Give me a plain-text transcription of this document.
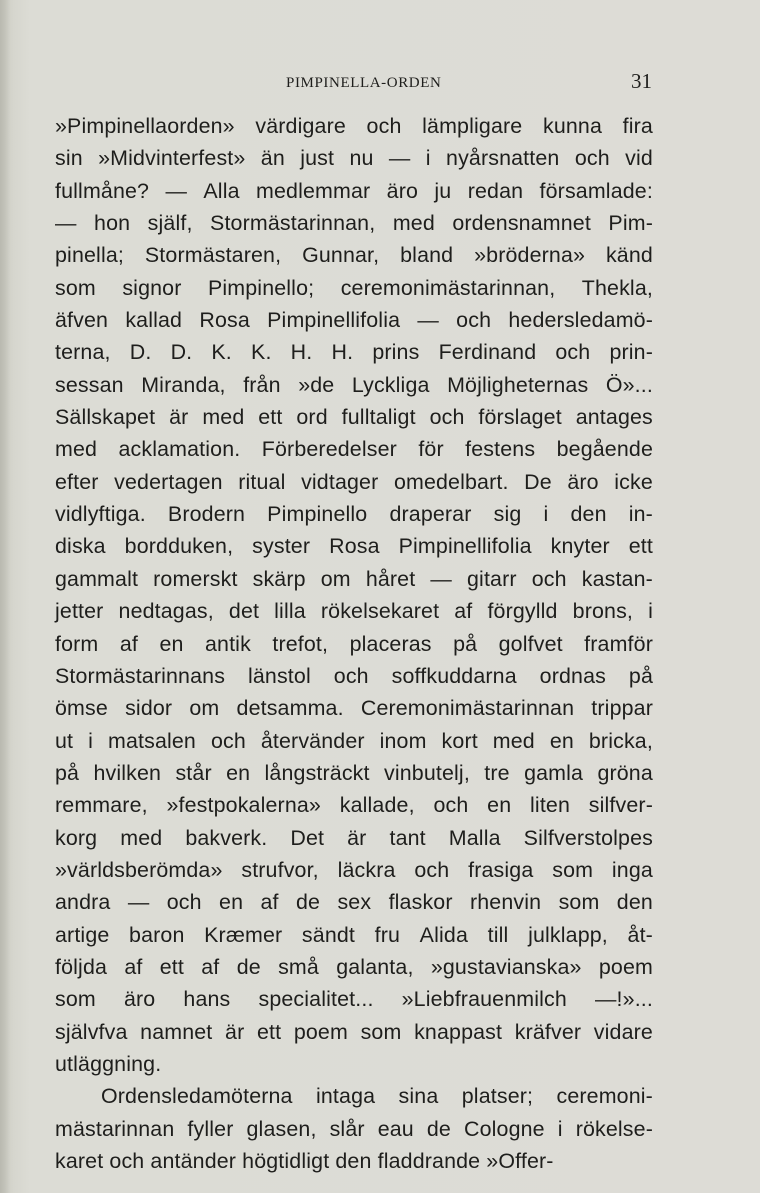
PIMPINELLA-ORDEN	31
»Pimpinellaorden» värdigare och lämpligare kunna fira
sin »Midvinterfest» än just nu — i nyårsnatten och vid
fullmåne? — Alla medlemmar äro ju redan församlade:
— hon själf, Stormästarinnan, med ordensnamnet Pim-
pinella; Stormästaren, Gunnar, bland »bröderna» känd
som signor Pimpinello; ceremonimästarinnan, Thekla,
äfven kallad Rosa Pimpinellifolia — och hedersledamö-
terna, D. D. K. K. H. H. prins Ferdinand och prin-
sessan Miranda, från »de Lyckliga Möjligheternas Ö»...
Sällskapet är med ett ord fulltaligt och förslaget antages
med acklamation. Förberedelser för festens begående
efter vedertagen ritual vidtager omedelbart. De äro icke
vidlyftiga. Brodern Pimpinello draperar sig i den in-
diska bordduken, syster Rosa Pimpinellifolia knyter ett
gammalt romerskt skärp om håret — gitarr och kastan-
jetter nedtagas, det lilla rökelsekaret af förgylld brons, i
form af en antik trefot, placeras på golfvet framför
Stormästarinnans länstol och soffkuddarna ordnas på
ömse sidor om detsamma. Ceremonimästarinnan trippar
ut i matsalen och återvänder inom kort med en bricka,
på hvilken står en långsträckt vinbutelj, tre gamla gröna
remmare, »festpokalerna» kallade, och en liten silfver-
korg med bakverk. Det är tant Malla Silfverstolpes
»världsberömda» strufvor, läckra och frasiga som inga
andra — och en af de sex flaskor rhenvin som den
artige baron Kræmer sändt fru Alida till julklapp, åt-
följda af ett af de små galanta, »gustavianska» poem
som äro hans specialitet... »Liebfrauenmilch —!»...
självfva namnet är ett poem som knappast kräfver vidare
utläggning.
Ordensledamöterna intaga sina platser; ceremoni-
mästarinnan fyller glasen, slår eau de Cologne i rökelse-
karet och antänder högtidligt den fladdrande »Offer-
